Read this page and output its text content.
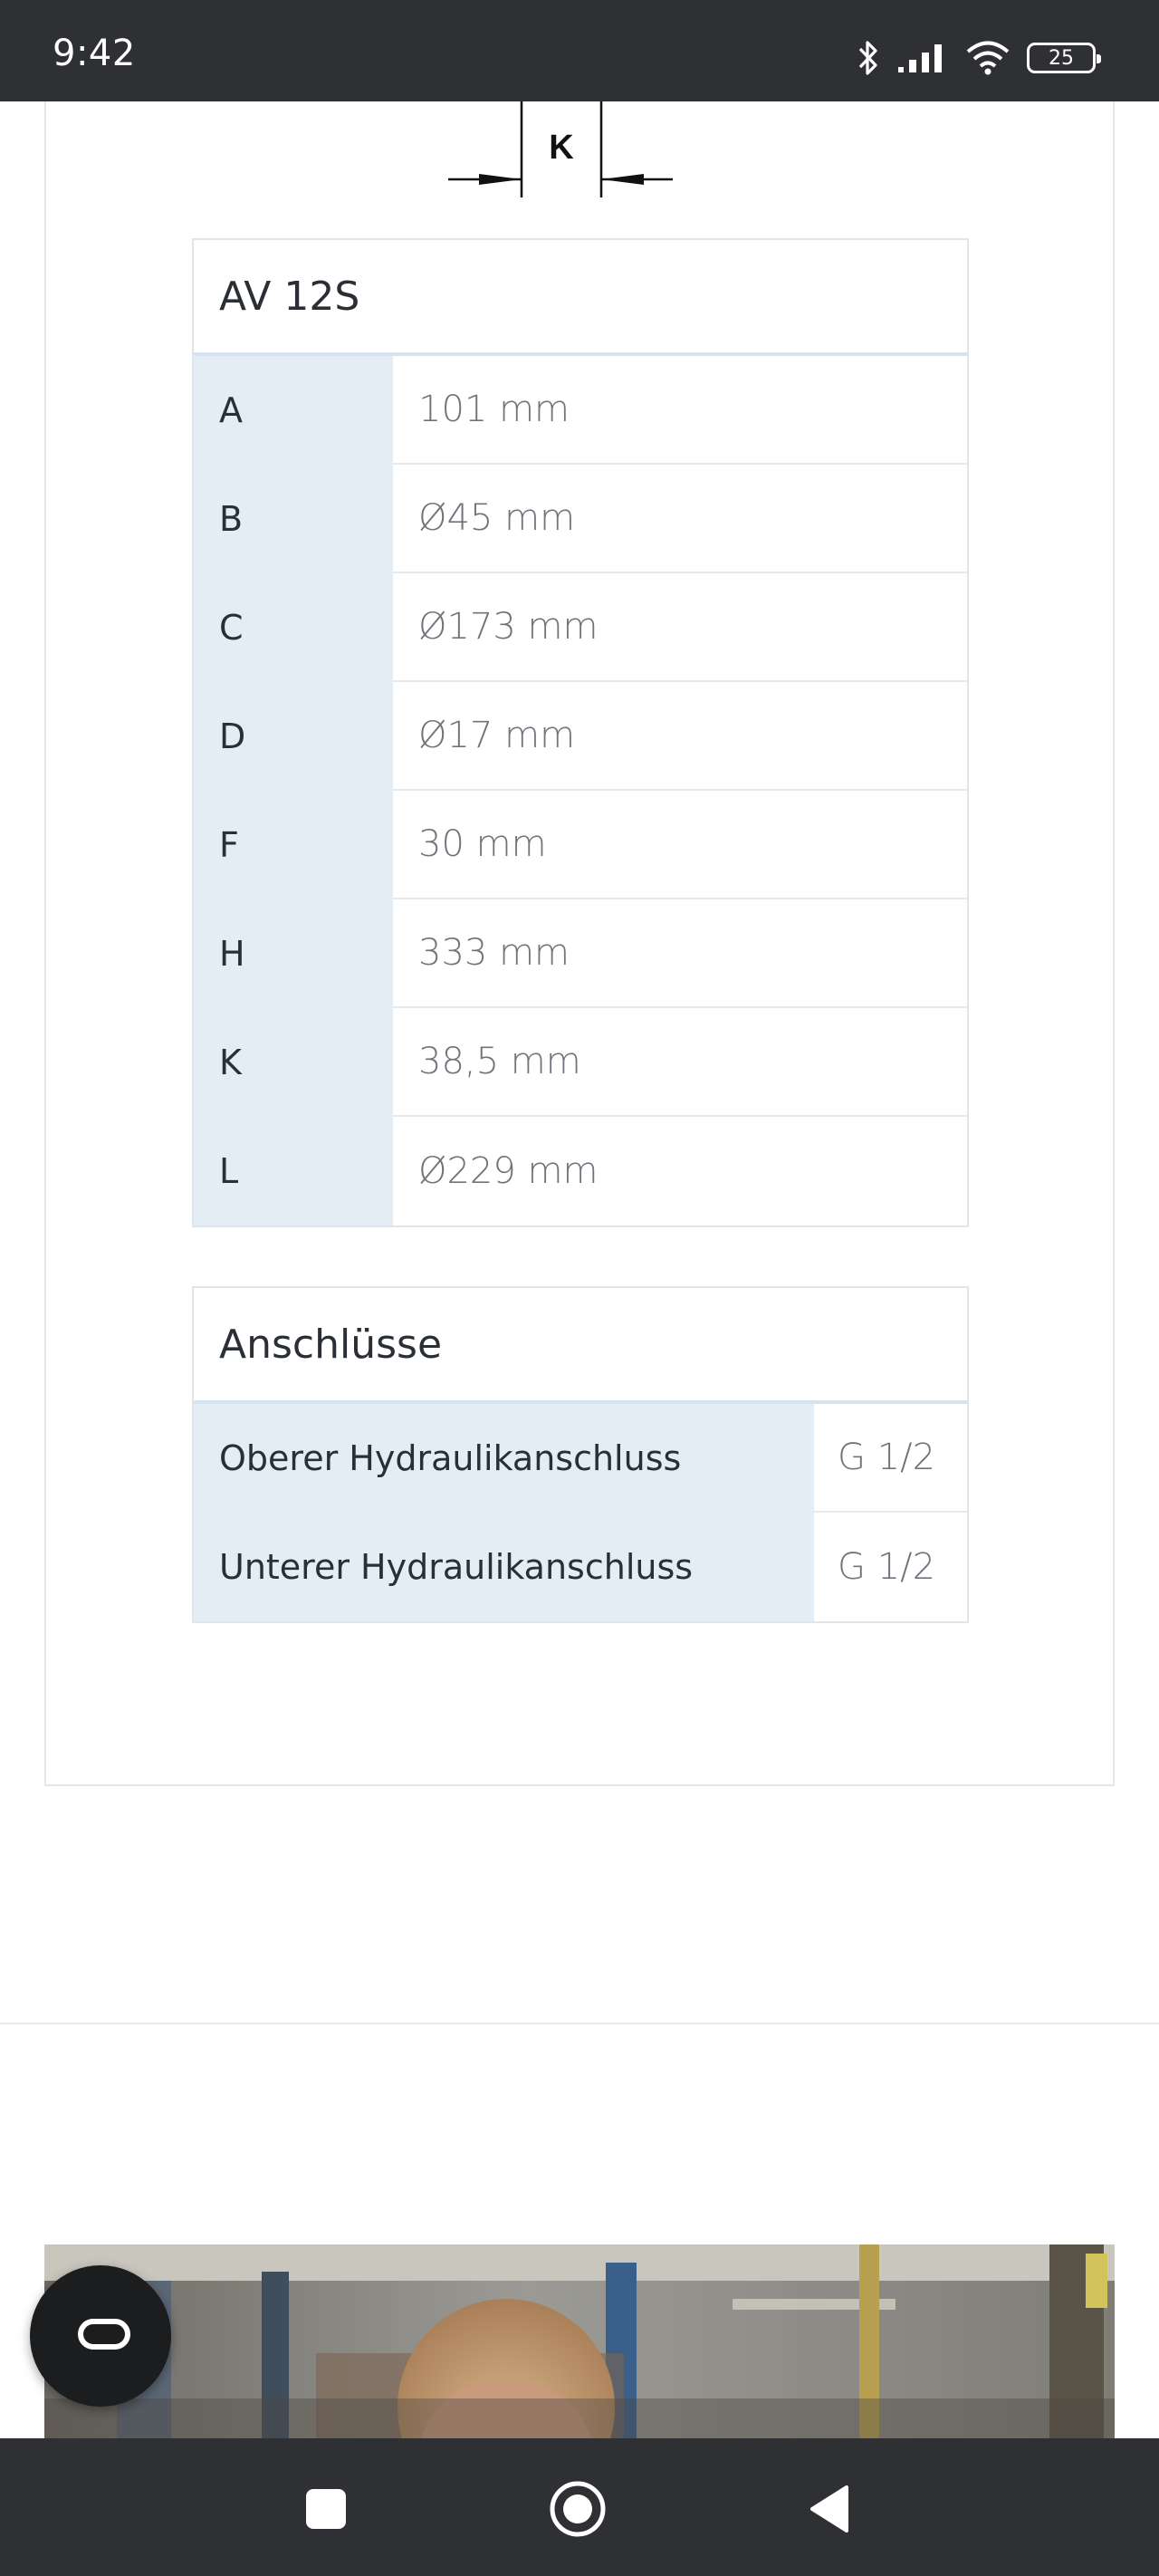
9:42	25
K
AV 12S
A	101 mm
B	Ø45 mm
C	Ø173 mm
D	Ø17 mm
F	30 mm
H	333 mm
K	38,5 mm
L	Ø229 mm
Anschlüsse
Oberer Hydraulikanschluss	G 1/2
Unterer Hydraulikanschluss	G 1/2
